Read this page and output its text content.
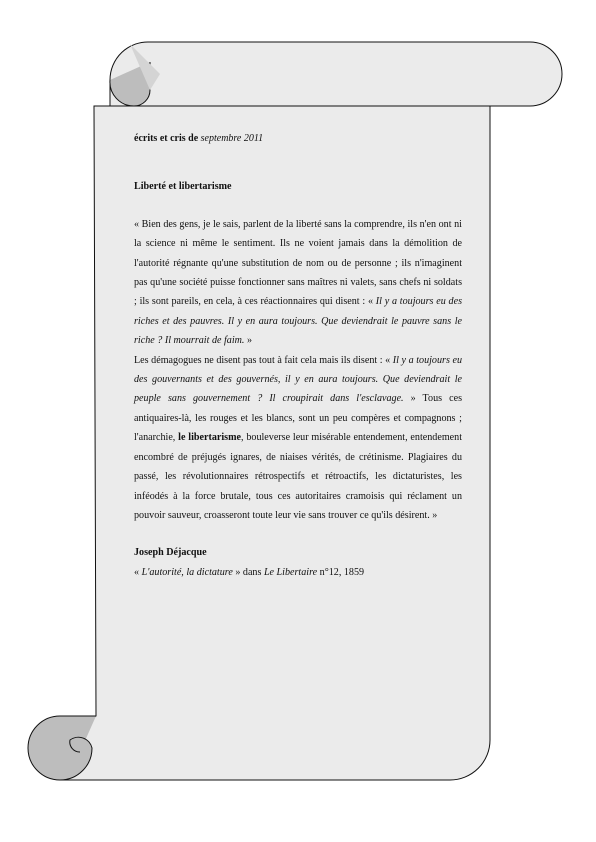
écrits et cris de septembre 2011

Liberté et libertarisme

« Bien des gens, je le sais, parlent de la liberté sans la comprendre, ils n'en ont ni la science ni même le sentiment. Ils ne voient jamais dans la démolition de l'autorité régnante qu'une substitution de nom ou de personne ; ils n'imaginent pas qu'une société puisse fonctionner sans maîtres ni valets, sans chefs ni soldats ; ils sont pareils, en cela, à ces réactionnaires qui disent : « Il y a toujours eu des riches et des pauvres. Il y en aura toujours. Que deviendrait le pauvre sans le riche ? Il mourrait de faim. »

Les démagogues ne disent pas tout à fait cela mais ils disent : « Il y a toujours eu des gouvernants et des gouvernés, il y en aura toujours. Que deviendrait le peuple sans gouvernement ? Il croupirait dans l'esclavage. » Tous ces antiquaires-là, les rouges et les blancs, sont un peu compères et compagnons ; l'anarchie, le libertarisme, bouleverse leur misérable entendement, entendement encombré de préjugés ignares, de niaises vérités, de crétinisme. Plagiaires du passé, les révolutionnaires rétrospectifs et rétroactifs, les dictaturistes, les inféodés à la force brutale, tous ces autoritaires cramoisis qui réclament un pouvoir sauveur, croasseront toute leur vie sans trouver ce qu'ils désirent. »

Joseph Déjacque

« L'autorité, la dictature » dans Le Libertaire n°12, 1859
